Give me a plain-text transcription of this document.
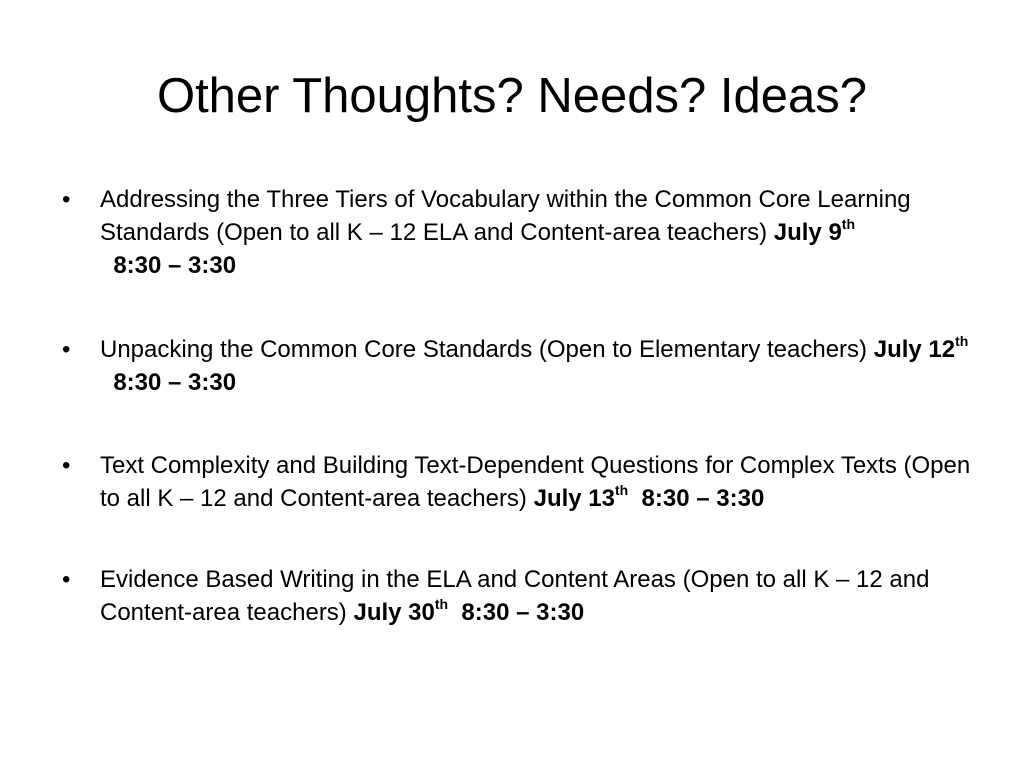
Other Thoughts? Needs? Ideas?
• Addressing the Three Tiers of Vocabulary within the Common Core Learning Standards (Open to all K – 12 ELA and Content-area teachers) July 9th  8:30 – 3:30
• Unpacking the Common Core Standards (Open to Elementary teachers) July 12th  8:30 – 3:30
• Text Complexity and Building Text-Dependent Questions for Complex Texts (Open to all K – 12 and Content-area teachers) July 13th  8:30 – 3:30
• Evidence Based Writing in the ELA and Content Areas (Open to all K – 12 and Content-area teachers) July 30th  8:30 – 3:30
